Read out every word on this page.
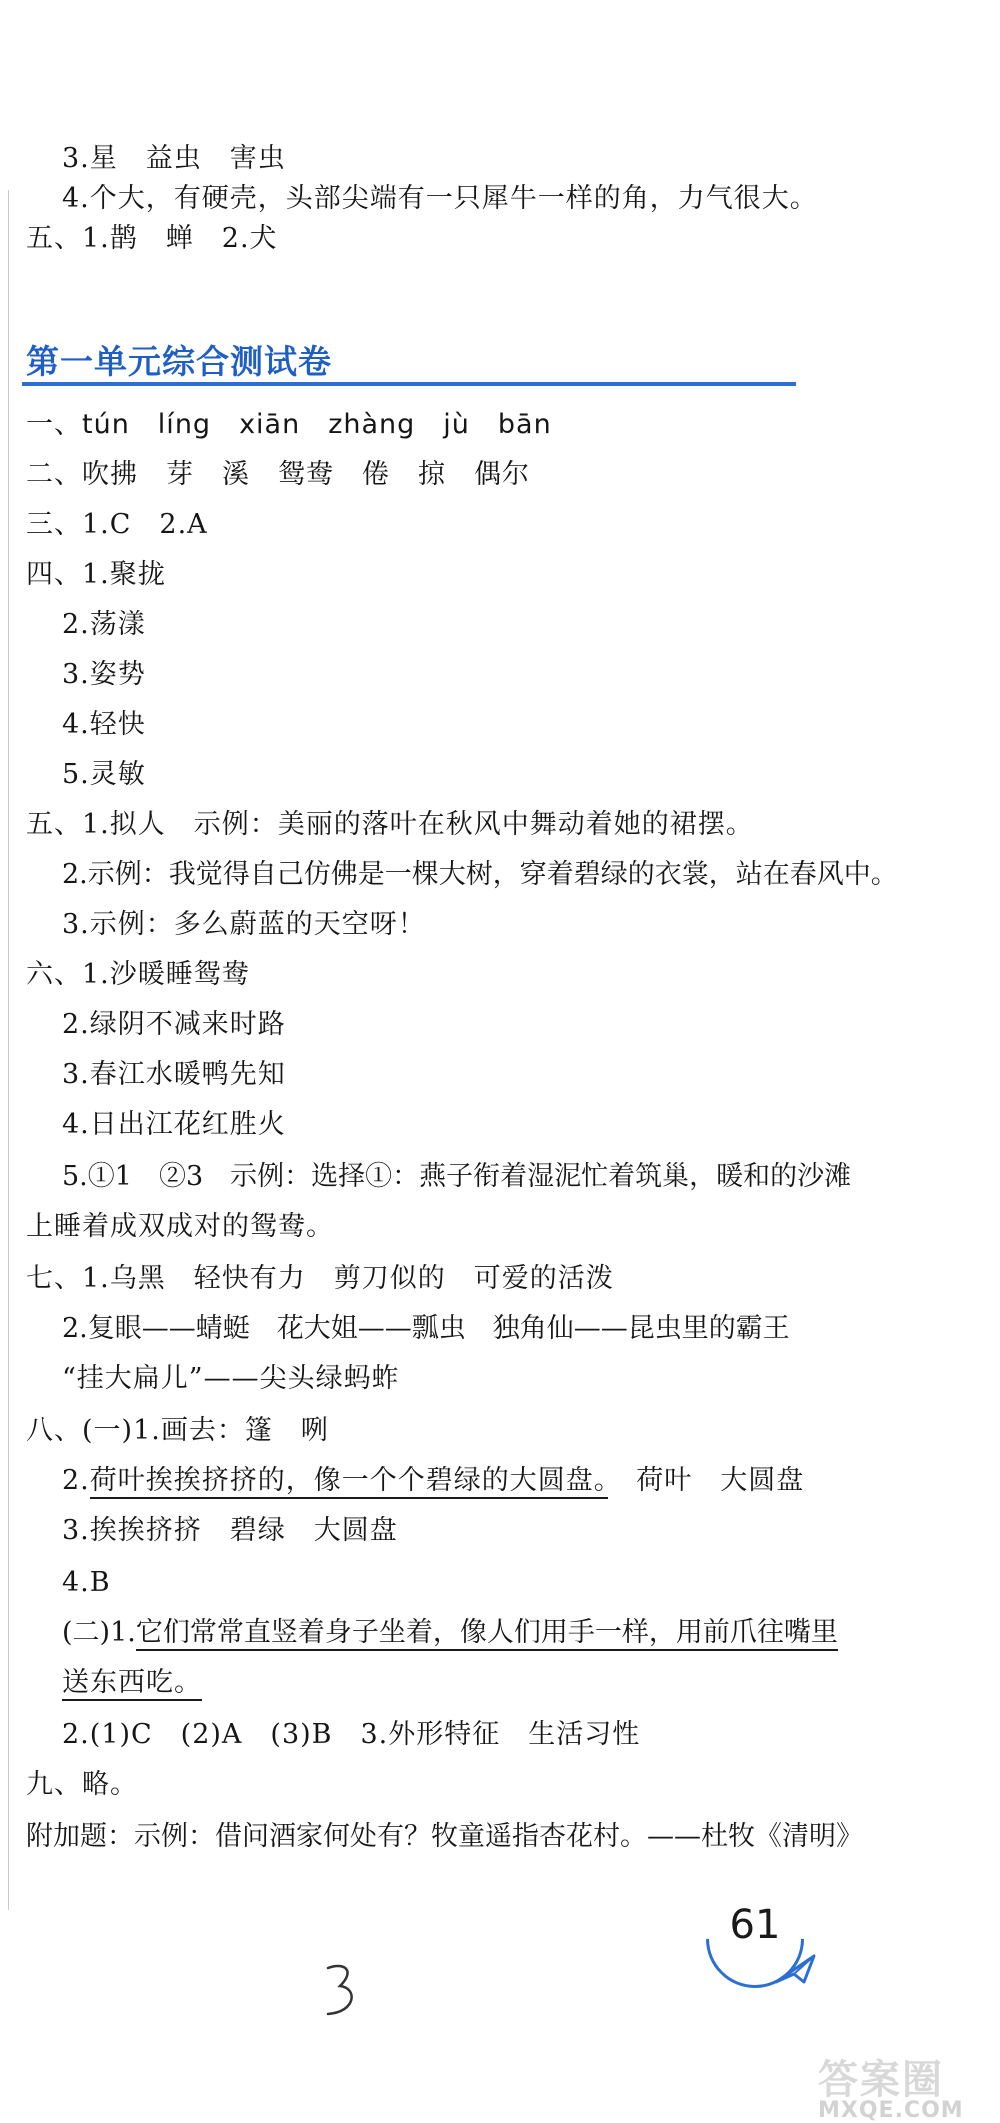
3.星　益虫　害虫
4.个大，有硬壳，头部尖端有一只犀牛一样的角，力气很大。
五、1.鹊　蝉　2.犬
第一单元综合测试卷
一、tún　líng　xiān　zhàng　jù　bān
二、吹拂　芽　溪　鸳鸯　倦　掠　偶尔
三、1.C　2.A
四、1.聚拢
2.荡漾
3.姿势
4.轻快
5.灵敏
五、1.拟人　示例：美丽的落叶在秋风中舞动着她的裙摆。
2.示例：我觉得自己仿佛是一棵大树，穿着碧绿的衣裳，站在春风中。
3.示例：多么蔚蓝的天空呀！
六、1.沙暖睡鸳鸯
2.绿阴不减来时路
3.春江水暖鸭先知
4.日出江花红胜火
5.①1　②3　示例：选择①：燕子衔着湿泥忙着筑巢，暖和的沙滩
上睡着成双成对的鸳鸯。
七、1.乌黑　轻快有力　剪刀似的　可爱的活泼
2.复眼——蜻蜓　花大姐——瓢虫　独角仙——昆虫里的霸王
“挂大扁儿”——尖头绿蚂蚱
八、(一)1.画去：篷　咧
2.荷叶挨挨挤挤的，像一个个碧绿的大圆盘。　荷叶　大圆盘
3.挨挨挤挤　碧绿　大圆盘
4.B
(二)1.它们常常直竖着身子坐着，像人们用手一样，用前爪往嘴里
送东西吃。
2.(1)C　(2)A　(3)B　3.外形特征　生活习性
九、略。
附加题：示例：借问酒家何处有？牧童遥指杏花村。——杜牧《清明》
61
答案圈
MXQE.COM
